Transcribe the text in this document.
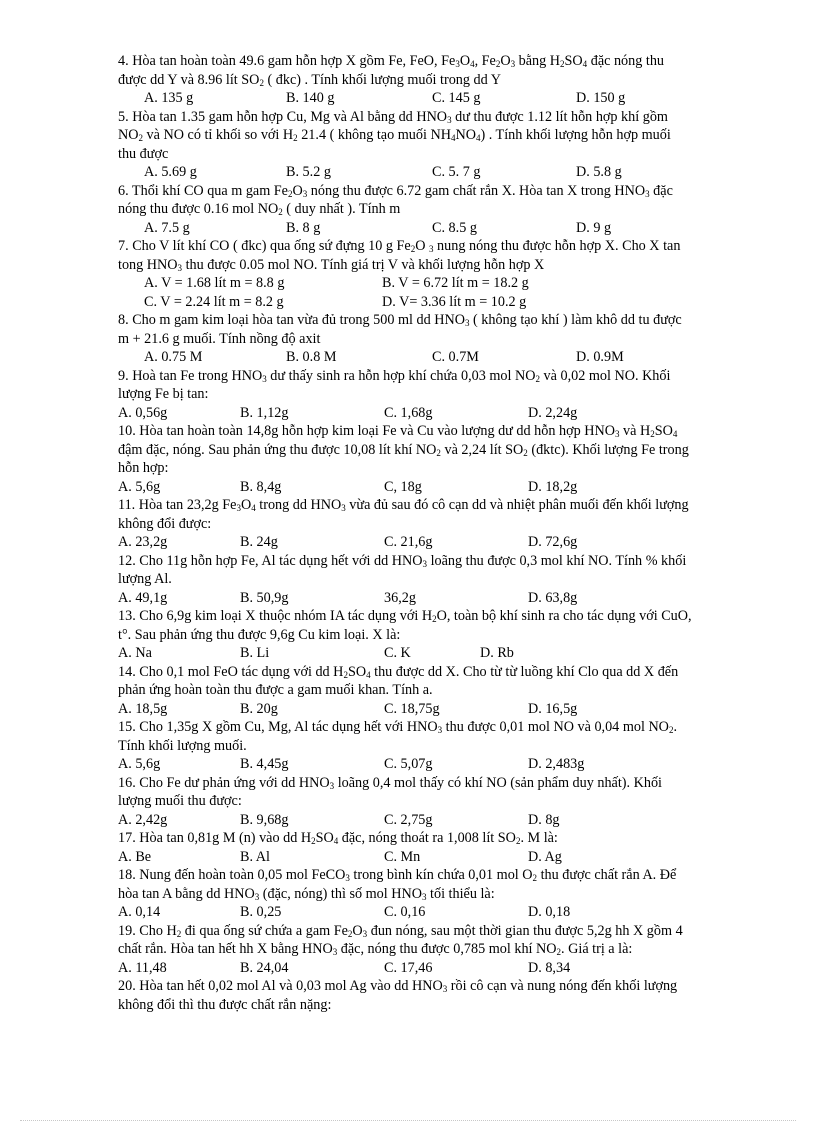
4. Hòa tan hoàn toàn 49.6 gam hỗn hợp X gồm Fe, FeO, $Fe_3O_4$, $Fe_2O_3$ bằng $H_2SO_4$ đặc nóng thu
được dd Y và 8.96 lít $SO_2$ ( đkc) . Tính khối lượng muối trong dd Y
A. 135 g	B. 140 g	C. 145 g	D. 150 g
5. Hòa tan 1.35 gam hỗn hợp Cu, Mg và Al bằng dd $HNO_3$ dư thu được 1.12 lít hỗn hợp khí gồm
$NO_2$ và NO có tỉ khối so với $H_2$ 21.4 ( không tạo muối $NH_4NO_4$) . Tính khối lượng hỗn hợp muối
thu được
A. 5.69 g	B. 5.2 g	C. 5. 7 g	D. 5.8 g
6. Thổi khí CO qua m gam $Fe_2O_3$ nóng thu được 6.72 gam chất rắn X. Hòa tan X trong $HNO_3$ đặc
nóng thu được 0.16 mol $NO_2$ ( duy nhất ). Tính m
A. 7.5 g	B. 8 g	C. 8.5 g	D. 9 g
7. Cho V lít khí CO ( đkc) qua ống sứ đựng 10 g $Fe_2O$ $_3$ nung nóng thu được hỗn hợp X. Cho X tan
tong $HNO_3$ thu được 0.05 mol NO. Tính giá trị V và khối lượng hỗn hợp X
A. V = 1.68 lít m = 8.8 g	B. V = 6.72 lít m = 18.2 g
C. V = 2.24 lít m = 8.2 g	D. V= 3.36 lít m = 10.2 g
8. Cho m gam kim loại hòa tan vừa đủ trong 500 ml dd $HNO_3$ ( không tạo khí ) làm khô dd tu được
m + 21.6 g muối. Tính nồng độ axit
A. 0.75 M	B. 0.8 M	C. 0.7M	D. 0.9M
9. Hoà tan Fe trong $HNO_3$ dư thấy sinh ra hỗn hợp khí chứa 0,03 mol $NO_2$ và 0,02 mol NO. Khối
lượng Fe bị tan:
A. 0,56g	B. 1,12g	C. 1,68g	D. 2,24g
10. Hòa tan hoàn toàn 14,8g hỗn hợp kim loại Fe và Cu vào lượng dư dd hỗn hợp $HNO_3$ và $H_2SO_4$
đậm đặc, nóng. Sau phản ứng thu được 10,08 lít khí $NO_2$ và 2,24 lít $SO_2$ (đktc). Khối lượng Fe trong
hỗn hợp:
A. 5,6g	B. 8,4g	C, 18g	D. 18,2g
11. Hòa tan 23,2g $Fe_3O_4$ trong dd $HNO_3$ vừa đủ sau đó cô cạn dd và nhiệt phân muối đến khối lượng
không đổi được:
A. 23,2g	B. 24g	C. 21,6g	D. 72,6g
12. Cho 11g hỗn hợp Fe, Al tác dụng hết với dd $HNO_3$ loãng thu được 0,3 mol khí NO. Tính % khối
lượng Al.
A. 49,1g	B. 50,9g	36,2g	D. 63,8g
13. Cho 6,9g kim loại X thuộc nhóm IA tác dụng với $H_2O$, toàn bộ khí sinh ra cho tác dụng với CuO,
t°. Sau phản ứng thu được 9,6g Cu kim loại. X là:
A. Na	B. Li	C. K	D. Rb
14. Cho 0,1 mol FeO tác dụng với dd $H_2SO_4$ thu được dd X. Cho từ từ luồng khí Clo qua dd X đến
phản ứng hoàn toàn thu được a gam muối khan. Tính a.
A. 18,5g	B. 20g	C. 18,75g	D. 16,5g
15. Cho 1,35g X gồm Cu, Mg, Al tác dụng hết với $HNO_3$ thu được 0,01 mol NO và 0,04 mol $NO_2$.
Tính khối lượng muối.
A. 5,6g	B. 4,45g	C. 5,07g	D. 2,483g
16. Cho Fe dư phản ứng với dd $HNO_3$ loãng 0,4 mol thấy có khí NO (sản phẩm duy nhất). Khối
lượng muối thu được:
A. 2,42g	B. 9,68g	C. 2,75g	D. 8g
17. Hòa tan 0,81g M (n) vào dd $H_2SO_4$ đặc, nóng thoát ra 1,008 lít $SO_2$. M là:
A. Be	B. Al	C. Mn	D. Ag
18. Nung đến hoàn toàn 0,05 mol FeCO$_3$ trong bình kín chứa 0,01 mol $O_2$ thu được chất rắn A. Để
hòa tan A bằng dd $HNO_3$ (đặc, nóng) thì số mol $HNO_3$ tối thiểu là:
A. 0,14	B. 0,25	C. 0,16	D. 0,18
19. Cho $H_2$ đi qua ống sứ chứa a gam $Fe_2O_3$ đun nóng, sau một thời gian thu được 5,2g hh X gồm 4
chất rắn. Hòa tan hết hh X bằng $HNO_3$ đặc, nóng thu được 0,785 mol khí $NO_2$. Giá trị a là:
A. 11,48	B. 24,04	C. 17,46	D. 8,34
20. Hòa tan hết 0,02 mol Al và 0,03 mol Ag vào dd $HNO_3$ rồi cô cạn và nung nóng đến khối lượng
không đổi thì thu được chất rắn nặng:
